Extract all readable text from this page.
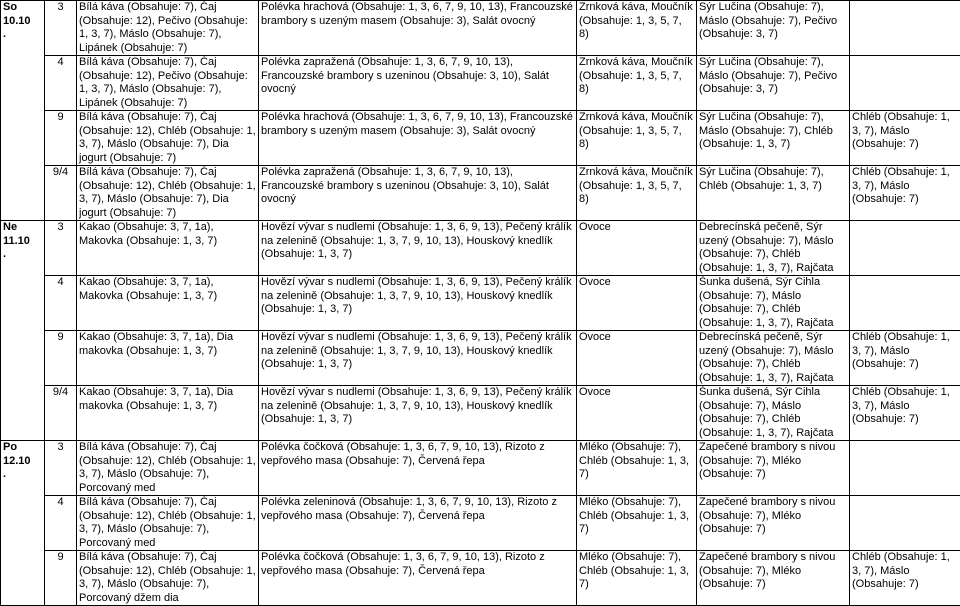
So
10.10
.	3	Bílá káva (Obsahuje: 7), Čaj (Obsahuje: 12), Pečivo (Obsahuje: 1, 3, 7), Máslo (Obsahuje: 7), Lipánek (Obsahuje: 7)	Polévka hrachová (Obsahuje: 1, 3, 6, 7, 9, 10, 13), Francouzské brambory s uzeným masem (Obsahuje: 3), Salát ovocný	Zrnková káva, Moučník (Obsahuje: 1, 3, 5, 7, 8)	Sýr Lučina (Obsahuje: 7), Máslo (Obsahuje: 7), Pečivo (Obsahuje: 3, 7)	
	4	Bílá káva (Obsahuje: 7), Čaj (Obsahuje: 12), Pečivo (Obsahuje: 1, 3, 7), Máslo (Obsahuje: 7), Lipánek (Obsahuje: 7)	Polévka zapražená (Obsahuje: 1, 3, 6, 7, 9, 10, 13), Francouzské brambory s uzeninou (Obsahuje: 3, 10), Salát ovocný	Zrnková káva, Moučník (Obsahuje: 1, 3, 5, 7, 8)	Sýr Lučina (Obsahuje: 7), Máslo (Obsahuje: 7), Pečivo (Obsahuje: 3, 7)	
	9	Bílá káva (Obsahuje: 7), Čaj (Obsahuje: 12), Chléb (Obsahuje: 1, 3, 7), Máslo (Obsahuje: 7), Dia jogurt (Obsahuje: 7)	Polévka hrachová (Obsahuje: 1, 3, 6, 7, 9, 10, 13), Francouzské brambory s uzeným masem (Obsahuje: 3), Salát ovocný	Zrnková káva, Moučník (Obsahuje: 1, 3, 5, 7, 8)	Sýr Lučina (Obsahuje: 7), Máslo (Obsahuje: 7), Chléb (Obsahuje: 1, 3, 7)	Chléb (Obsahuje: 1, 3, 7), Máslo (Obsahuje: 7)
	9/4	Bílá káva (Obsahuje: 7), Čaj (Obsahuje: 12), Chléb (Obsahuje: 1, 3, 7), Máslo (Obsahuje: 7), Dia jogurt (Obsahuje: 7)	Polévka zapražená (Obsahuje: 1, 3, 6, 7, 9, 10, 13), Francouzské brambory s uzeninou (Obsahuje: 3, 10), Salát ovocný	Zrnková káva, Moučník (Obsahuje: 1, 3, 5, 7, 8)	Sýr Lučina (Obsahuje: 7), Chléb (Obsahuje: 1, 3, 7)	Chléb (Obsahuje: 1, 3, 7), Máslo (Obsahuje: 7)

Ne
11.10
.	3	Kakao (Obsahuje: 3, 7, 1a), Makovka (Obsahuje: 1, 3, 7)	Hovězí vývar s nudlemi (Obsahuje: 1, 3, 6, 9, 13), Pečený králík na zelenině (Obsahuje: 1, 3, 7, 9, 10, 13), Houskový knedlík (Obsahuje: 1, 3, 7)	Ovoce	Debrecínská pečeně, Sýr uzený (Obsahuje: 7), Máslo (Obsahuje: 7), Chléb (Obsahuje: 1, 3, 7), Rajčata	
	4	Kakao (Obsahuje: 3, 7, 1a), Makovka (Obsahuje: 1, 3, 7)	Hovězí vývar s nudlemi (Obsahuje: 1, 3, 6, 9, 13), Pečený králík na zelenině (Obsahuje: 1, 3, 7, 9, 10, 13), Houskový knedlík (Obsahuje: 1, 3, 7)	Ovoce	Šunka dušená, Sýr Cihla (Obsahuje: 7), Máslo (Obsahuje: 7), Chléb (Obsahuje: 1, 3, 7), Rajčata	
	9	Kakao (Obsahuje: 3, 7, 1a), Dia makovka (Obsahuje: 1, 3, 7)	Hovězí vývar s nudlemi (Obsahuje: 1, 3, 6, 9, 13), Pečený králík na zelenině (Obsahuje: 1, 3, 7, 9, 10, 13), Houskový knedlík (Obsahuje: 1, 3, 7)	Ovoce	Debrecínská pečeně, Sýr uzený (Obsahuje: 7), Máslo (Obsahuje: 7), Chléb (Obsahuje: 1, 3, 7), Rajčata	Chléb (Obsahuje: 1, 3, 7), Máslo (Obsahuje: 7)
	9/4	Kakao (Obsahuje: 3, 7, 1a), Dia makovka (Obsahuje: 1, 3, 7)	Hovězí vývar s nudlemi (Obsahuje: 1, 3, 6, 9, 13), Pečený králík na zelenině (Obsahuje: 1, 3, 7, 9, 10, 13), Houskový knedlík (Obsahuje: 1, 3, 7)	Ovoce	Šunka dušená, Sýr Cihla (Obsahuje: 7), Máslo (Obsahuje: 7), Chléb (Obsahuje: 1, 3, 7), Rajčata	Chléb (Obsahuje: 1, 3, 7), Máslo (Obsahuje: 7)

Po
12.10
.	3	Bílá káva (Obsahuje: 7), Čaj (Obsahuje: 12), Chléb (Obsahuje: 1, 3, 7), Máslo (Obsahuje: 7), Porcovaný med	Polévka čočková (Obsahuje: 1, 3, 6, 7, 9, 10, 13), Rizoto z vepřového masa (Obsahuje: 7), Červená řepa	Mléko (Obsahuje: 7), Chléb (Obsahuje: 1, 3, 7)	Zapečené brambory s nivou (Obsahuje: 7), Mléko (Obsahuje: 7)	
	4	Bílá káva (Obsahuje: 7), Čaj (Obsahuje: 12), Chléb (Obsahuje: 1, 3, 7), Máslo (Obsahuje: 7), Porcovaný med	Polévka zeleninová (Obsahuje: 1, 3, 6, 7, 9, 10, 13), Rizoto z vepřového masa (Obsahuje: 7), Červená řepa	Mléko (Obsahuje: 7), Chléb (Obsahuje: 1, 3, 7)	Zapečené brambory s nivou (Obsahuje: 7), Mléko (Obsahuje: 7)	
	9	Bílá káva (Obsahuje: 7), Čaj (Obsahuje: 12), Chléb (Obsahuje: 1, 3, 7), Máslo (Obsahuje: 7), Porcovaný džem dia	Polévka čočková (Obsahuje: 1, 3, 6, 7, 9, 10, 13), Rizoto z vepřového masa (Obsahuje: 7), Červená řepa	Mléko (Obsahuje: 7), Chléb (Obsahuje: 1, 3, 7)	Zapečené brambory s nivou (Obsahuje: 7), Mléko (Obsahuje: 7)	Chléb (Obsahuje: 1, 3, 7), Máslo (Obsahuje: 7)
